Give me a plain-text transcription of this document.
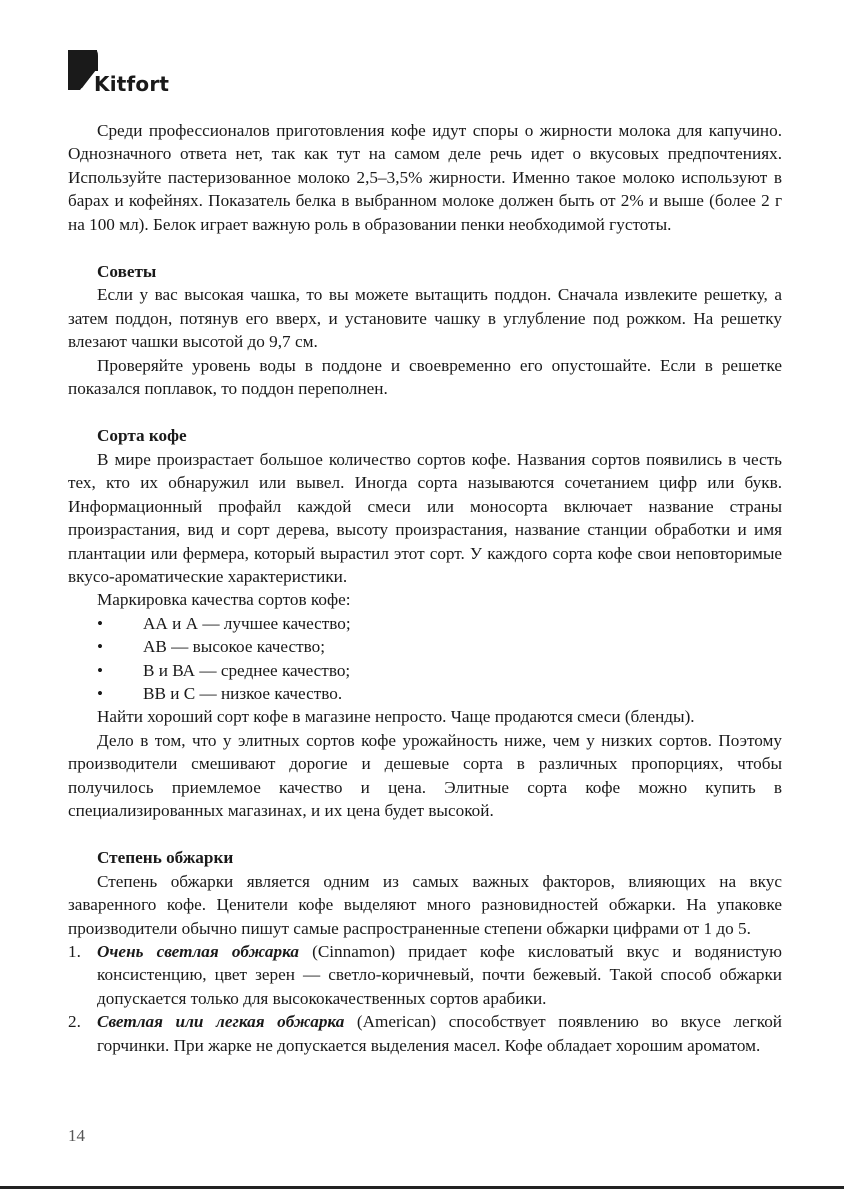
Kitfort

Среди профессионалов приготовления кофе идут споры о жирности молока для капучино. Однозначного ответа нет, так как тут на самом деле речь идет о вкусовых предпочтениях. Используйте пастеризованное молоко 2,5–3,5% жирности. Именно такое молоко используют в барах и кофейнях. Показатель белка в выбранном молоке должен быть от 2% и выше (более 2 г на 100 мл). Белок играет важную роль в образовании пенки необходимой густоты.

Советы

Если у вас высокая чашка, то вы можете вытащить поддон. Сначала извлеките решетку, а затем поддон, потянув его вверх, и установите чашку в углубление под рожком. На решетку влезают чашки высотой до 9,7 см.

Проверяйте уровень воды в поддоне и своевременно его опустошайте. Если в решетке показался поплавок, то поддон переполнен.

Сорта кофе

В мире произрастает большое количество сортов кофе. Названия сортов появились в честь тех, кто их обнаружил или вывел. Иногда сорта называются сочетанием цифр или букв. Информационный профайл каждой смеси или моносорта включает название страны произрастания, вид и сорт дерева, высоту произрастания, название станции обработки и имя плантации или фермера, который вырастил этот сорт. У каждого сорта кофе свои неповторимые вкусо-ароматические характеристики.

Маркировка качества сортов кофе:

• АА и А — лучшее качество;
• АВ — высокое качество;
• В и ВА — среднее качество;
• ВВ и С — низкое качество.

Найти хороший сорт кофе в магазине непросто. Чаще продаются смеси (бленды).

Дело в том, что у элитных сортов кофе урожайность ниже, чем у низких сортов. Поэтому производители смешивают дорогие и дешевые сорта в различных пропорциях, чтобы получилось приемлемое качество и цена. Элитные сорта кофе можно купить в специализированных магазинах, и их цена будет высокой.

Степень обжарки

Степень обжарки является одним из самых важных факторов, влияющих на вкус заваренного кофе. Ценители кофе выделяют много разновидностей обжарки. На упаковке производители обычно пишут самые распространенные степени обжарки цифрами от 1 до 5.

1. Очень светлая обжарка (Cinnamon) придает кофе кисловатый вкус и водянистую консистенцию, цвет зерен — светло-коричневый, почти бежевый. Такой способ обжарки допускается только для высококачественных сортов арабики.
2. Светлая или легкая обжарка (American) способствует появлению во вкусе легкой горчинки. При жарке не допускается выделения масел. Кофе обладает хорошим ароматом.
14
